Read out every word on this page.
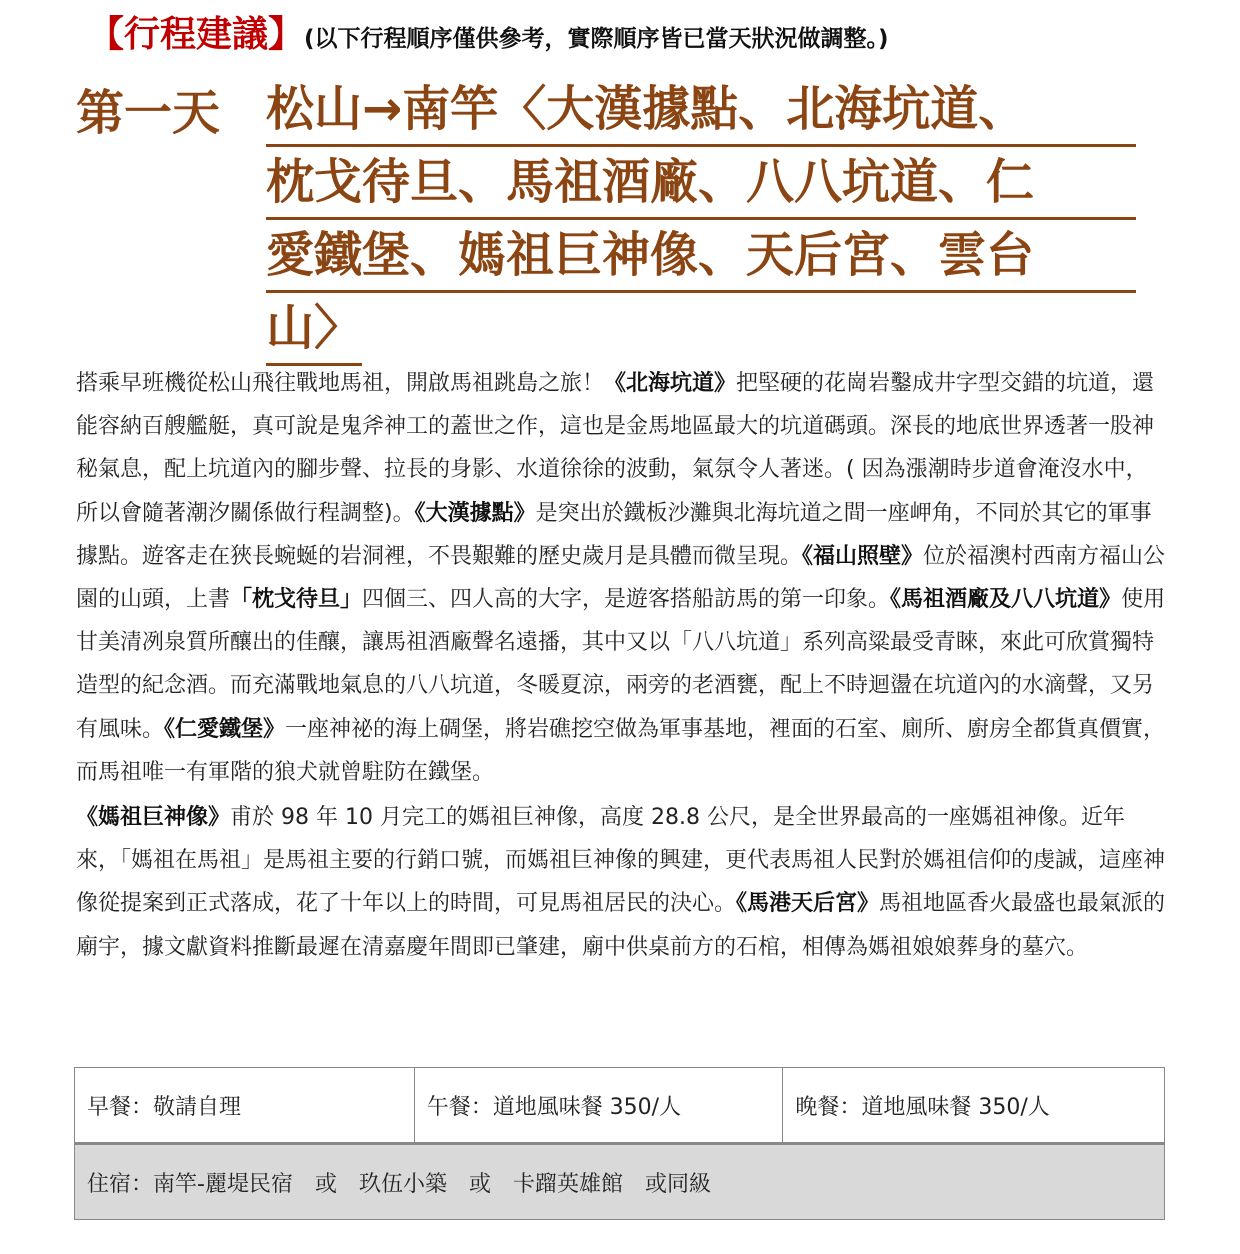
【行程建議】(以下行程順序僅供參考，實際順序皆已當天狀況做調整。)
第一天 松山→南竿〈大漢據點、北海坑道、
枕戈待旦、馬祖酒廠、八八坑道、仁
愛鐵堡、媽祖巨神像、天后宮、雲台
山〉

搭乘早班機從松山飛往戰地馬祖，開啟馬祖跳島之旅！《北海坑道》把堅硬的花崗岩鑿成井字型交錯的坑道，還能容納百艘艦艇，真可說是鬼斧神工的蓋世之作，這也是金馬地區最大的坑道碼頭。深長的地底世界透著一股神秘氣息，配上坑道內的腳步聲、拉長的身影、水道徐徐的波動，氣氛令人著迷。( 因為漲潮時步道會淹沒水中，所以會隨著潮汐關係做行程調整)。《大漢據點》是突出於鐵板沙灘與北海坑道之間一座岬角，不同於其它的軍事據點。遊客走在狹長蜿蜒的岩洞裡，不畏艱難的歷史歲月是具體而微呈現。《福山照壁》位於福澳村西南方福山公園的山頭，上書「枕戈待旦」四個三、四人高的大字，是遊客搭船訪馬的第一印象。《馬祖酒廠及八八坑道》使用甘美清冽泉質所釀出的佳釀，讓馬祖酒廠聲名遠播，其中又以「八八坑道」系列高粱最受青睞，來此可欣賞獨特造型的紀念酒。而充滿戰地氣息的八八坑道，冬暖夏涼，兩旁的老酒甕，配上不時迴盪在坑道內的水滴聲，又另有風味。《仁愛鐵堡》一座神祕的海上碉堡，將岩礁挖空做為軍事基地，裡面的石室、廁所、廚房全都貨真價實，而馬祖唯一有軍階的狼犬就曾駐防在鐵堡。

《媽祖巨神像》甫於 98 年 10 月完工的媽祖巨神像，高度 28.8 公尺，是全世界最高的一座媽祖神像。近年來，「媽祖在馬祖」是馬祖主要的行銷口號，而媽祖巨神像的興建，更代表馬祖人民對於媽祖信仰的虔誠，這座神像從提案到正式落成，花了十年以上的時間，可見馬祖居民的決心。《馬港天后宮》馬祖地區香火最盛也最氣派的廟宇，據文獻資料推斷最遲在清嘉慶年間即已肇建，廟中供桌前方的石棺，相傳為媽祖娘娘葬身的墓穴。

早餐：敬請自理	午餐：道地風味餐 350/人	晚餐：道地風味餐 350/人
住宿：南竿-麗堤民宿　或　玖伍小築　或　卡蹓英雄館　或同級
